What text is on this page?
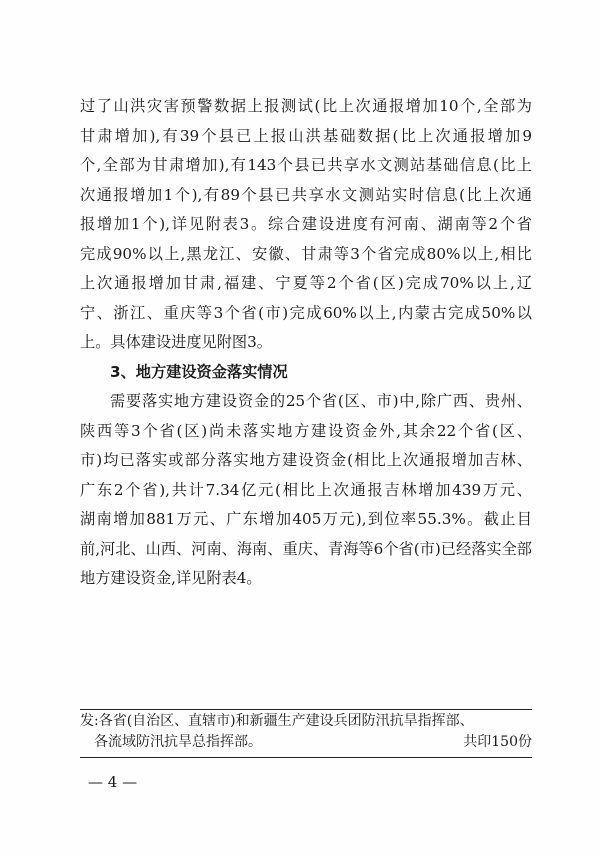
过了山洪灾害预警数据上报测试(比上次通报增加10个,全部为
甘肃增加),有39个县已上报山洪基础数据(比上次通报增加9
个,全部为甘肃增加),有143个县已共享水文测站基础信息(比上
次通报增加1个),有89个县已共享水文测站实时信息(比上次通
报增加1个),详见附表3。综合建设进度有河南、湖南等2个省
完成90%以上,黑龙江、安徽、甘肃等3个省完成80%以上,相比
上次通报增加甘肃,福建、宁夏等2个省(区)完成70%以上,辽
宁、浙江、重庆等3个省(市)完成60%以上,内蒙古完成50%以
上。具体建设进度见附图3。
3、地方建设资金落实情况
需要落实地方建设资金的25个省(区、市)中,除广西、贵州、
陕西等3个省(区)尚未落实地方建设资金外,其余22个省(区、
市)均已落实或部分落实地方建设资金(相比上次通报增加吉林、
广东2个省),共计7.34亿元(相比上次通报吉林增加439万元、
湖南增加881万元、广东增加405万元),到位率55.3%。截止目
前,河北、山西、河南、海南、重庆、青海等6个省(市)已经落实全部
地方建设资金,详见附表4。
发:各省(自治区、直辖市)和新疆生产建设兵团防汛抗旱指挥部、
各流域防汛抗旱总指挥部。	共印150份
— 4 —
